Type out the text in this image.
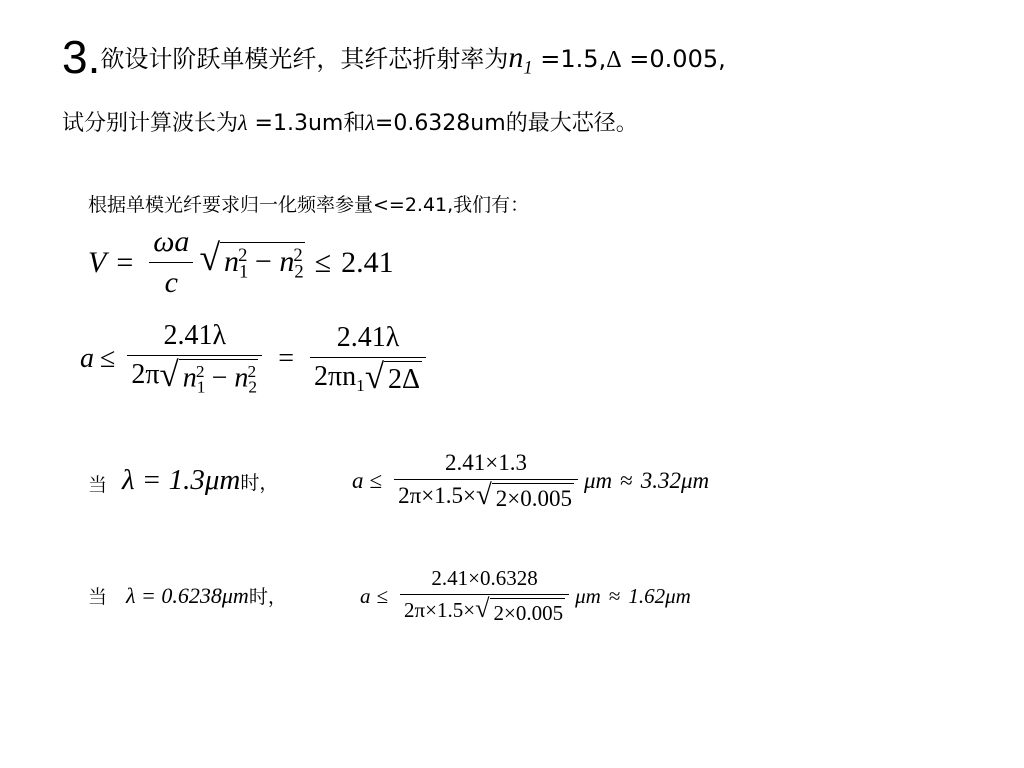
3.欲设计阶跃单模光纤，其纤芯折射率为$n_1 =1.5,\Delta =0.005$,
试分别计算波长为λ =1.3um和λ=0.6328um的最大芯径。
根据单模光纤要求归一化频率参量<=2.41,我们有：
$V = \frac{\omega a}{c}$ √ $n_1^2 - n_2^2 \le 2.41$
$a \le \frac{2.41\lambda}{2\pi √ n_1^2 - n_2^2} = \frac{2.41\lambda}{2\pi n_1 √ 2\Delta}$
当 λ = 1.3μm时，	$a \le \frac{2.41\times 1.3}{2\pi\times 1.5\times √ 2\times 0.005}$ μm ≈ 3.32μm
当 λ = 0.6238μm时，	$a \le \frac{2.41\times 0.6328}{2\pi\times 1.5\times √ 2\times 0.005}$ μm ≈ 1.62μm
